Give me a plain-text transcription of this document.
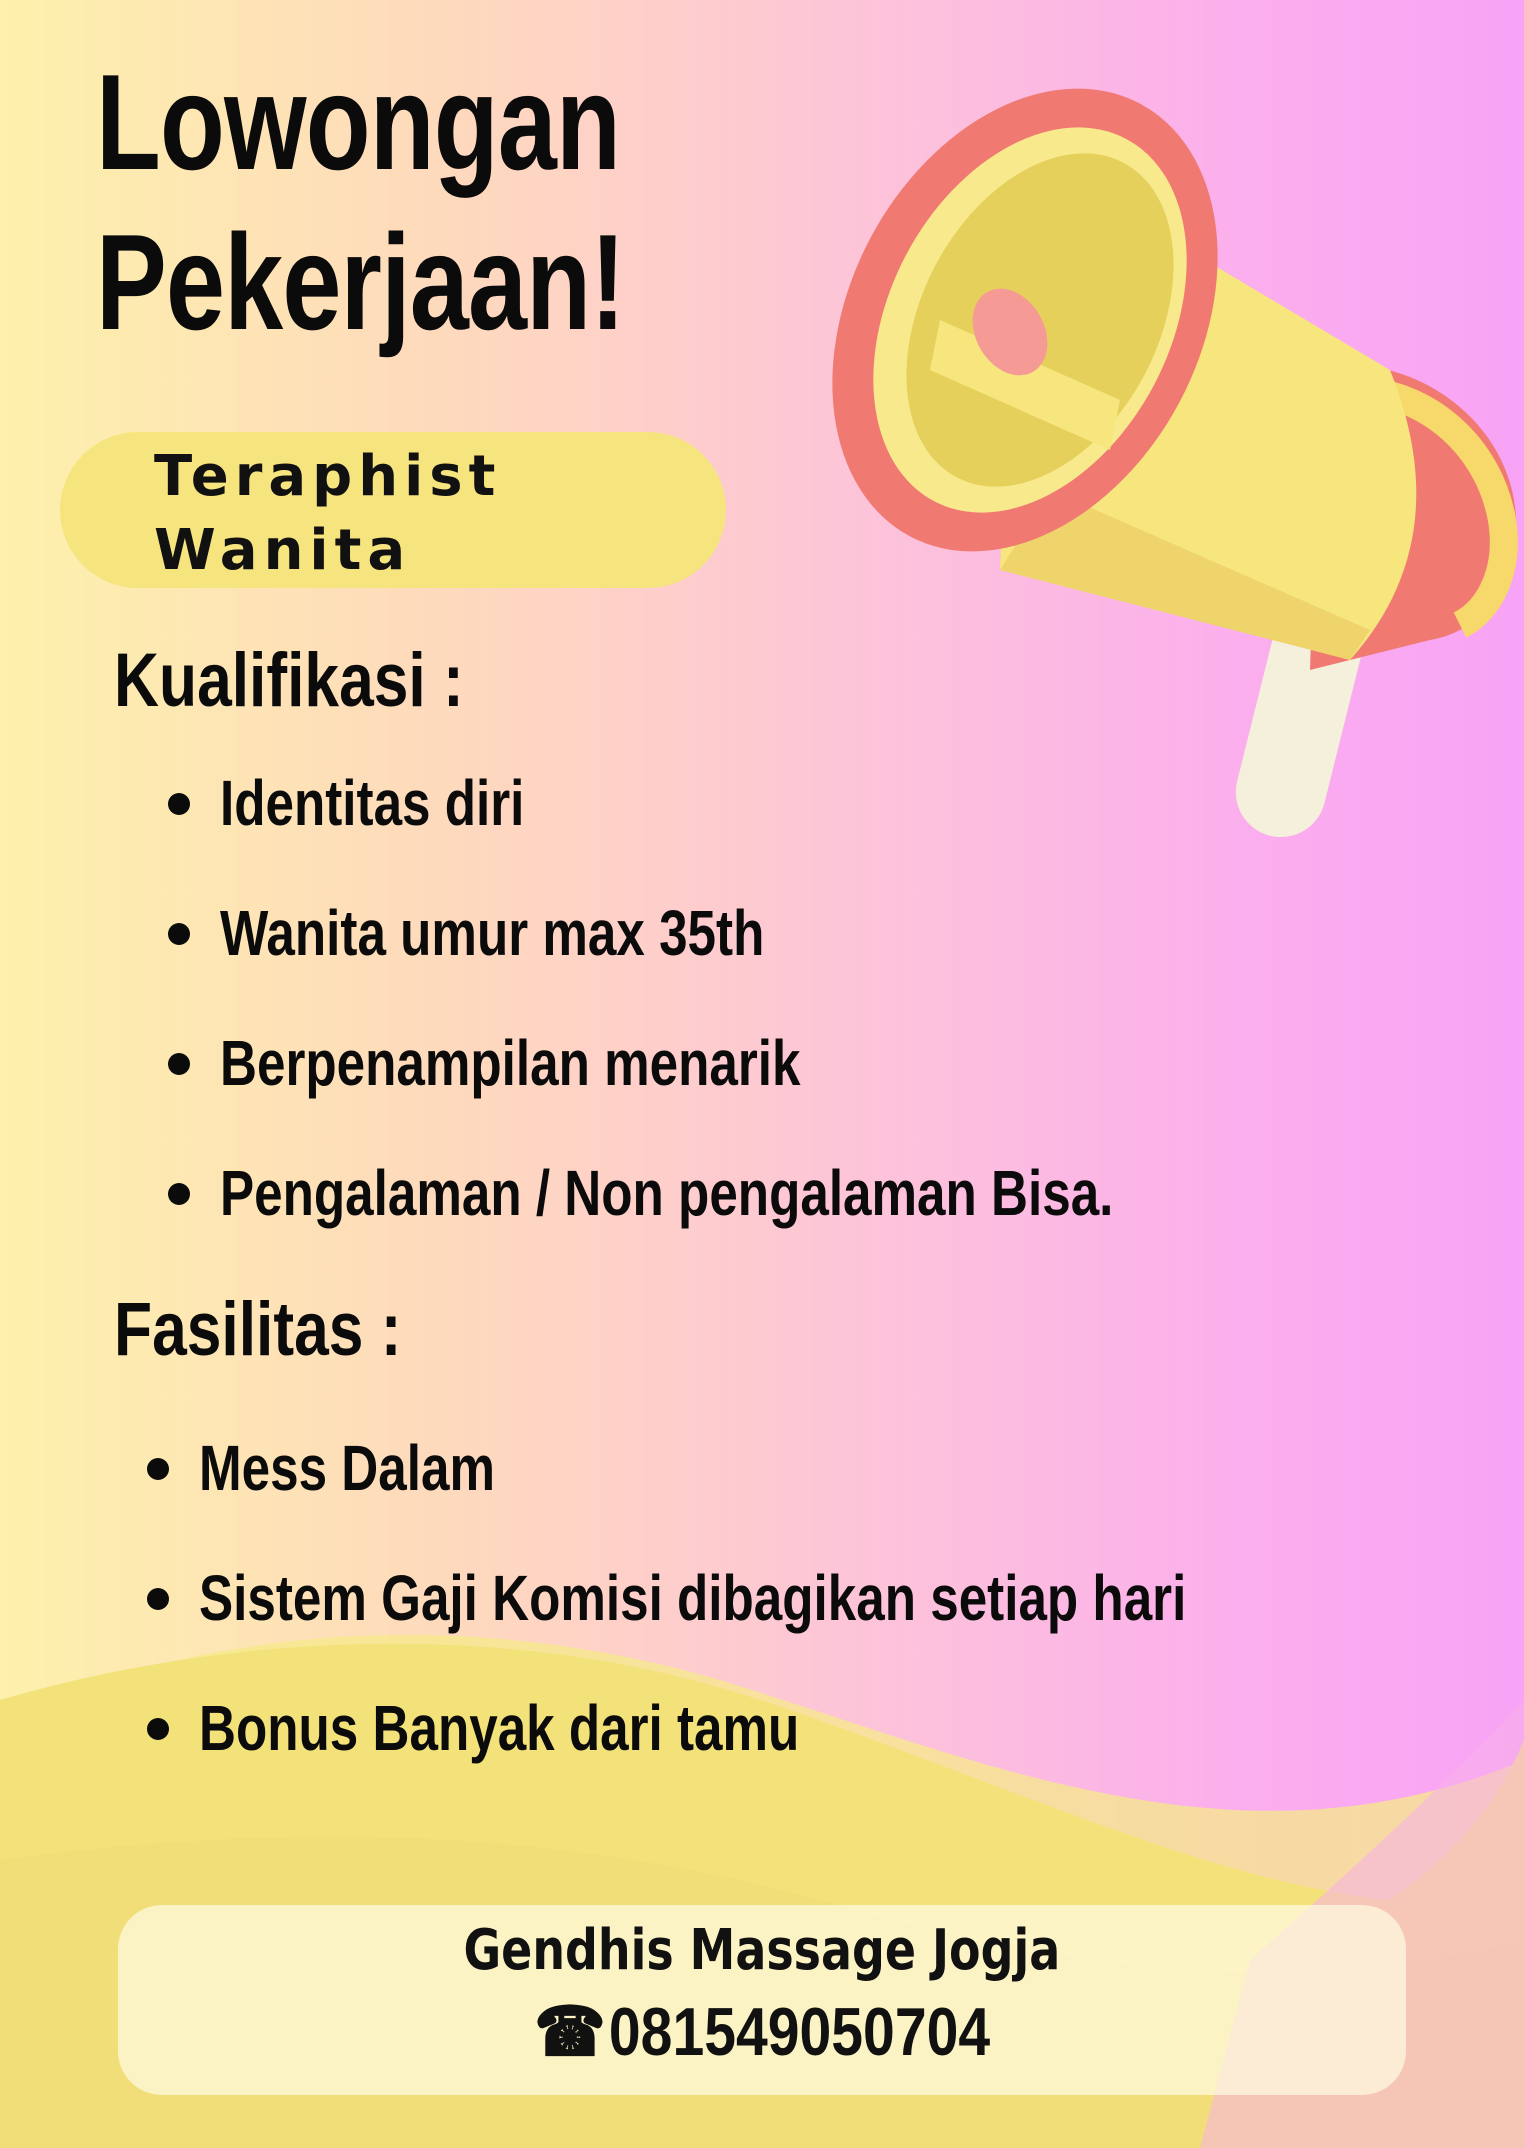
Lowongan
Pekerjaan!

Teraphist
Wanita

Kualifikasi :
Identitas diri
Wanita umur max 35th
Berpenampilan menarik
Pengalaman / Non pengalaman Bisa.
Fasilitas :
Mess Dalam
Sistem Gaji Komisi dibagikan setiap hari
Bonus Banyak dari tamu
Gendhis Massage Jogja
☎081549050704
